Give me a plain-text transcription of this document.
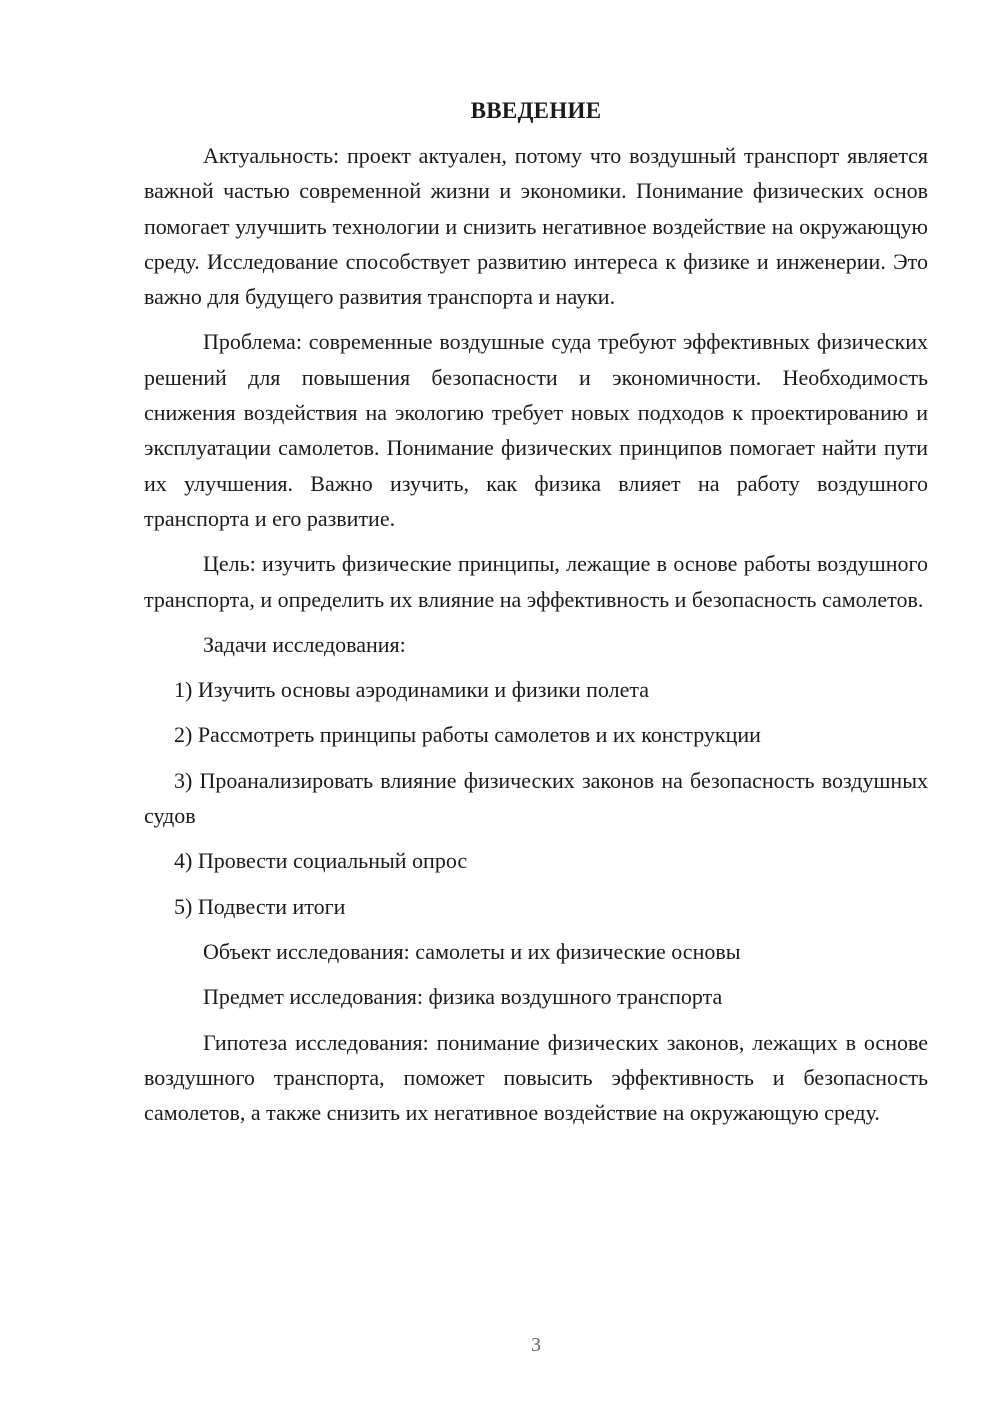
ВВЕДЕНИЕ

Актуальность: проект актуален, потому что воздушный транспорт является важной частью современной жизни и экономики. Понимание физических основ помогает улучшить технологии и снизить негативное воздействие на окружающую среду. Исследование способствует развитию интереса к физике и инженерии. Это важно для будущего развития транспорта и науки.

Проблема: современные воздушные суда требуют эффективных физических решений для повышения безопасности и экономичности. Необходимость снижения воздействия на экологию требует новых подходов к проектированию и эксплуатации самолетов. Понимание физических принципов помогает найти пути их улучшения. Важно изучить, как физика влияет на работу воздушного транспорта и его развитие.

Цель: изучить физические принципы, лежащие в основе работы воздушного транспорта, и определить их влияние на эффективность и безопасность самолетов.

Задачи исследования:

1) Изучить основы аэродинамики и физики полета

2) Рассмотреть принципы работы самолетов и их конструкции

3) Проанализировать влияние физических законов на безопасность воздушных судов

4) Провести социальный опрос

5) Подвести итоги

Объект исследования: самолеты и их физические основы

Предмет исследования: физика воздушного транспорта

Гипотеза исследования: понимание физических законов, лежащих в основе воздушного транспорта, поможет повысить эффективность и безопасность самолетов, а также снизить их негативное воздействие на окружающую среду.

3
